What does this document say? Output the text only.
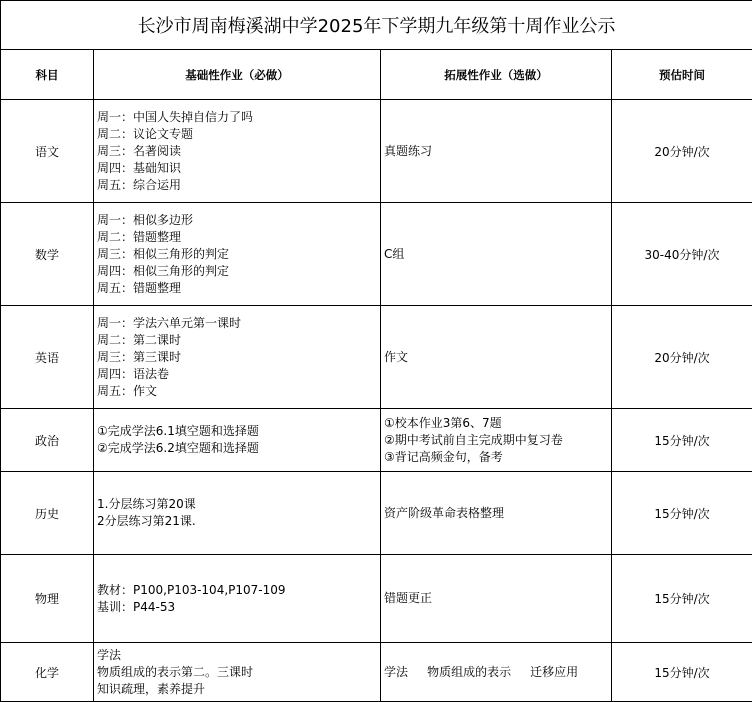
长沙市周南梅溪湖中学2025年下学期九年级第十周作业公示			
科目	基础性作业（必做）	拓展性作业（选做）	预估时间
语文	周一：中国人失掉自信力了吗
周二：议论文专题
周三：名著阅读
周四：基础知识
周五：综合运用	真题练习	20分钟/次
数学	周一：相似多边形
周二：错题整理
周三：相似三角形的判定
周四：相似三角形的判定
周五：错题整理	C组	30-40分钟/次
英语	周一：学法六单元第一课时
周二：第二课时
周三：第三课时
周四：语法卷
周五：作文	作文	20分钟/次
政治	①完成学法6.1填空题和选择题
②完成学法6.2填空题和选择题	①校本作业3第6、7题
②期中考试前自主完成期中复习卷
③背记高频金句，备考	15分钟/次
历史	1.分层练习第20课
2分层练习第21课.	资产阶级革命表格整理	15分钟/次
物理	教材：P100,P103-104,P107-109
基训：P44-53	错题更正	15分钟/次
化学	学法
物质组成的表示第二。三课时
知识疏理，素养提升	学法     物质组成的表示     迁移应用	15分钟/次
